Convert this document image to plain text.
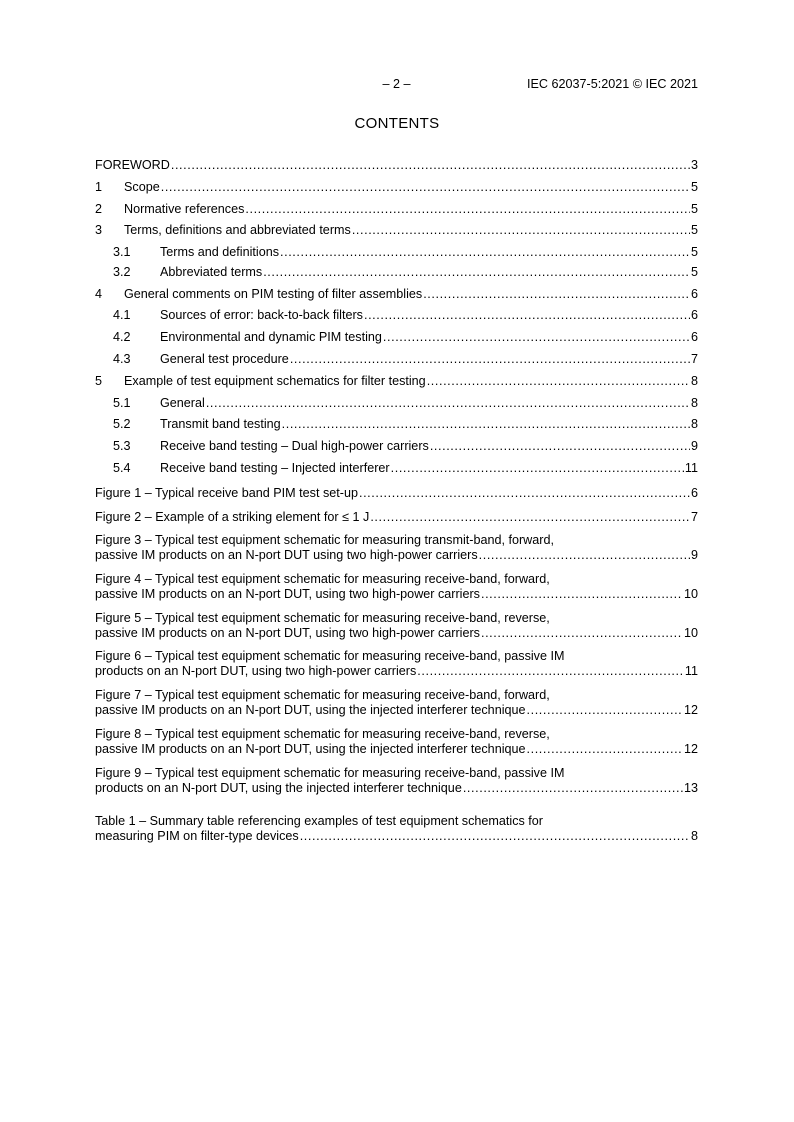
– 2 –	IEC 62037-5:2021 © IEC 2021
CONTENTS
FOREWORD .....	3
1 Scope .....	5
2 Normative references .....	5
3 Terms, definitions and abbreviated terms .....	5
3.1 Terms and definitions .....	5
3.2 Abbreviated terms .....	5
4 General comments on PIM testing of filter assemblies .....	6
4.1 Sources of error: back-to-back filters .....	6
4.2 Environmental and dynamic PIM testing .....	6
4.3 General test procedure .....	7
5 Example of test equipment schematics for filter testing .....	8
5.1 General .....	8
5.2 Transmit band testing .....	8
5.3 Receive band testing – Dual high-power carriers .....	9
5.4 Receive band testing – Injected interferer .....	11
Figure 1 – Typical receive band PIM test set-up .....	6
Figure 2 – Example of a striking element for ≤ 1 J .....	7
Figure 3 – Typical test equipment schematic for measuring transmit-band, forward,
passive IM products on an N-port DUT using two high-power carriers .....	9
Figure 4 – Typical test equipment schematic for measuring receive-band, forward,
passive IM products on an N-port DUT, using two high-power carriers .....	10
Figure 5 – Typical test equipment schematic for measuring receive-band, reverse,
passive IM products on an N-port DUT, using two high-power carriers .....	10
Figure 6 – Typical test equipment schematic for measuring receive-band, passive IM
products on an N-port DUT, using two high-power carriers .....	11
Figure 7 – Typical test equipment schematic for measuring receive-band, forward,
passive IM products on an N-port DUT, using the injected interferer technique .....	12
Figure 8 – Typical test equipment schematic for measuring receive-band, reverse,
passive IM products on an N-port DUT, using the injected interferer technique .....	12
Figure 9 – Typical test equipment schematic for measuring receive-band, passive IM
products on an N-port DUT, using the injected interferer technique .....	13
Table 1 – Summary table referencing examples of test equipment schematics for
measuring PIM on filter-type devices .....	8
